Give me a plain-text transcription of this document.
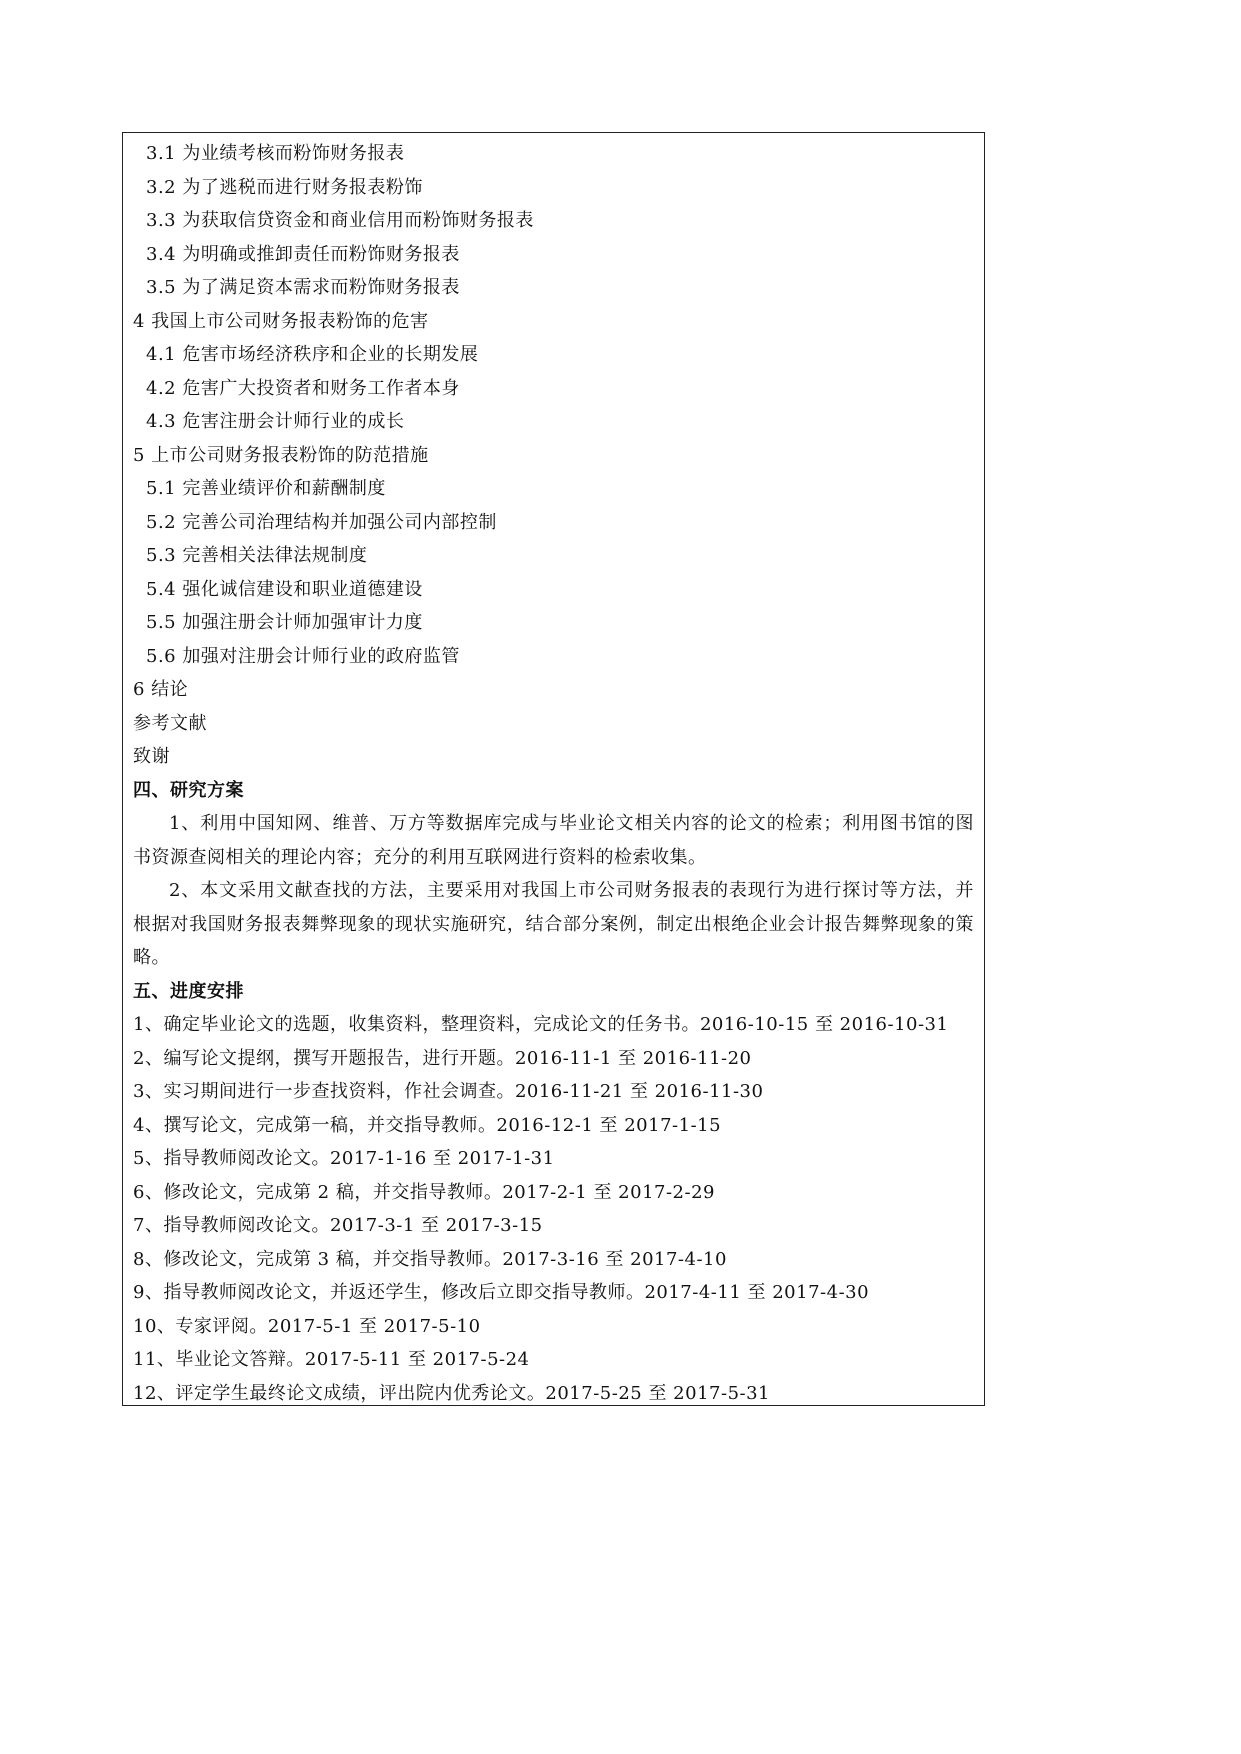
3.1 为业绩考核而粉饰财务报表
3.2 为了逃税而进行财务报表粉饰
3.3 为获取信贷资金和商业信用而粉饰财务报表
3.4 为明确或推卸责任而粉饰财务报表
3.5 为了满足资本需求而粉饰财务报表
4 我国上市公司财务报表粉饰的危害
4.1 危害市场经济秩序和企业的长期发展
4.2 危害广大投资者和财务工作者本身
4.3 危害注册会计师行业的成长
5 上市公司财务报表粉饰的防范措施
5.1 完善业绩评价和薪酬制度
5.2 完善公司治理结构并加强公司内部控制
5.3 完善相关法律法规制度
5.4 强化诚信建设和职业道德建设
5.5 加强注册会计师加强审计力度
5.6 加强对注册会计师行业的政府监管
6 结论
参考文献
致谢
四、研究方案

1、利用中国知网、维普、万方等数据库完成与毕业论文相关内容的论文的检索；利用图书馆的图书资源查阅相关的理论内容；充分的利用互联网进行资料的检索收集。

2、本文采用文献查找的方法，主要采用对我国上市公司财务报表的表现行为进行探讨等方法，并根据对我国财务报表舞弊现象的现状实施研究，结合部分案例，制定出根绝企业会计报告舞弊现象的策略。

五、进度安排
1、确定毕业论文的选题，收集资料，整理资料，完成论文的任务书。2016-10-15 至 2016-10-31
2、编写论文提纲，撰写开题报告，进行开题。2016-11-1 至 2016-11-20
3、实习期间进行一步查找资料，作社会调查。2016-11-21 至 2016-11-30
4、撰写论文，完成第一稿，并交指导教师。2016-12-1 至 2017-1-15
5、指导教师阅改论文。2017-1-16 至 2017-1-31
6、修改论文，完成第 2 稿，并交指导教师。2017-2-1 至 2017-2-29
7、指导教师阅改论文。2017-3-1 至 2017-3-15
8、修改论文，完成第 3 稿，并交指导教师。2017-3-16 至 2017-4-10
9、指导教师阅改论文，并返还学生，修改后立即交指导教师。2017-4-11 至 2017-4-30
10、专家评阅。2017-5-1 至 2017-5-10
11、毕业论文答辩。2017-5-11 至 2017-5-24
12、评定学生最终论文成绩，评出院内优秀论文。2017-5-25 至 2017-5-31
